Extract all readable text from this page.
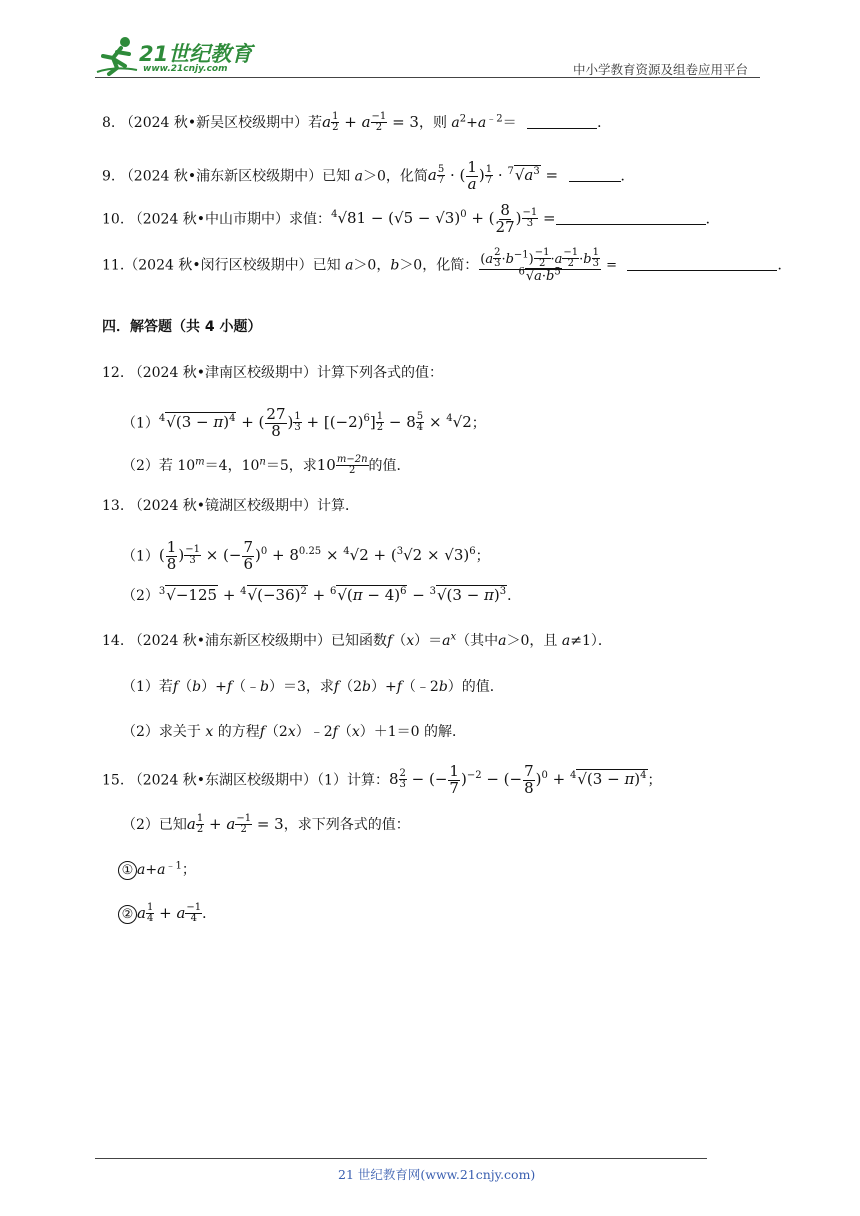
21世纪教育
www.21cnjy.com	中小学教育资源及组卷应用平台
8. （2024 秋•新吴区校级期中）若a $\frac{1}{2} + a \frac{-1}{2} = 3$，则 $a^2+a^{﹣2}=$	．
9. （2024 秋•浦东新区校级期中）已知 a＞0，化简a $\frac{5}{7}$ · ( $\frac{1}{a}$ ) $\frac{1}{7} \cdot ^7√a^3$ =	．
10. （2024 秋•中山市期中）求值：$^4√81 - (√5 - √3)^0$ + ( $\frac{8}{27}$ ) $\frac{-1}{3}$ =	．
11.（2024 秋•闵行区校级期中）已知 a＞0，b＞0，化简： $\frac{(a \frac{2}{3} \cdot b^{-1}) \frac{-1}{2} \cdot a \frac{-1}{2} \cdot b \frac{1}{3}}{^6√a\cdot b^5}$ =	．
四．解答题（共 4 小题）
12. （2024 秋•津南区校级期中）计算下列各式的值：
$(1)^4√(3 - \pi)^4$ + ( $\frac{27}{8}$ ) $\frac{1}{3} + [(-2)^6] \frac{1}{2} - 8 \frac{5}{4} \times ^4√2$；
（2）若 $10^m=4$，$10^n=5$，求$10 \frac{m-2n}{2}$ 的值．
13. （2024 秋•镜湖区校级期中）计算．
$(1)( \frac{1}{8}$ ) $\frac{-1}{3}$ × (− $\frac{7}{6} )^0 + 8^{0.25} \times ^4√2 + (^3√2 \times √3)^6$；
$(2)^3√-125 + ^4√(-36)^2 + ^6√(\pi - 4)^6 - ^3√(3 - \pi)^3$．
14. （2024 秋•浦东新区校级期中）已知函数$f(x)=a^x$（其中a＞0，且 a≠1）．
（1）若f（b）+f（﹣b）＝3，求f（2b）+f（﹣2b）的值．
（2）求关于 x 的方程f（2x）﹣2f（x）＋1＝0 的解．
15. （2024 秋•东湖区校级期中）（1）计算：$8 \frac{2}{3}$ − (− $\frac{1}{7} )^{-2}$ − (− $\frac{7}{8} )^0 + ^4√(3 - \pi)^4$；
（2）已知a $\frac{1}{2} + a \frac{-1}{2} = 3$，求下列各式的值：
① $a+a^{﹣1}$；
② a $\frac{1}{4} + a \frac{-1}{4}$ ．
21 世纪教育网(www.21cnjy.com)
